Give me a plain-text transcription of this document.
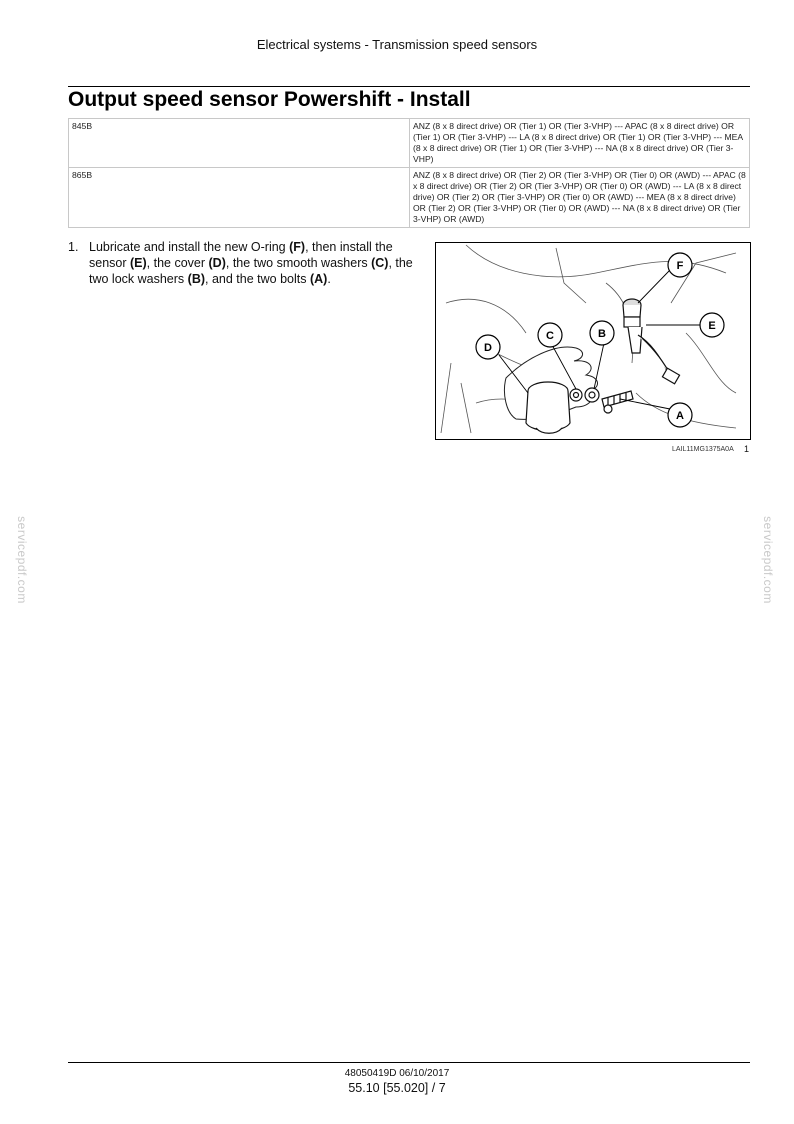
Electrical systems - Transmission speed sensors
Output speed sensor Powershift - Install
845B	ANZ (8 x 8 direct drive) OR (Tier 1) OR (Tier 3-VHP) --- APAC (8 x 8 direct drive) OR (Tier 1) OR (Tier 3-VHP) --- LA (8 x 8 direct drive) OR (Tier 1) OR (Tier 3-VHP) --- MEA (8 x 8 direct drive) OR (Tier 1) OR (Tier 3-VHP) --- NA (8 x 8 direct drive) OR (Tier 3-VHP)
865B	ANZ (8 x 8 direct drive) OR (Tier 2) OR (Tier 3-VHP) OR (Tier 0) OR (AWD) --- APAC (8 x 8 direct drive) OR (Tier 2) OR (Tier 3-VHP) OR (Tier 0) OR (AWD) --- LA (8 x 8 direct drive) OR (Tier 2) OR (Tier 3-VHP) OR (Tier 0) OR (AWD) --- MEA (8 x 8 direct drive) OR (Tier 2) OR (Tier 3-VHP) OR (Tier 0) OR (AWD) --- NA (8 x 8 direct drive) OR (Tier 3-VHP) OR (AWD)
1. Lubricate and install the new O-ring (F), then install the sensor (E), the cover (D), the two smooth washers (C), the two lock washers (B), and the two bolts (A).
F
E
B
C
D
A
LAIL11MG1375A0A 1
servicepdf.com	servicepdf.com
48050419D 06/10/2017
55.10 [55.020] / 7
